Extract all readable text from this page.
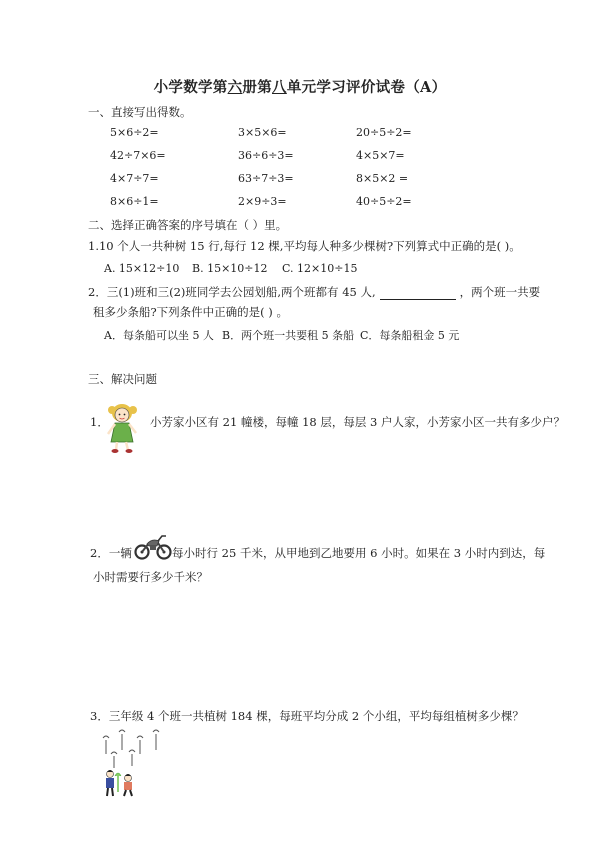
小学数学第六册第八单元学习评价试卷（A）
一、直接写出得数。
5×6÷2=	3×5×6=	20÷5÷2=
42÷7×6=	36÷6÷3=	4×5×7=
4×7÷7=	63÷7÷3=	8×5×2 =
8×6÷1=	2×9÷3=	40÷5÷2=
二、选择正确答案的序号填在（ ）里。
1.10 个人一共种树 15 行,每行 12 棵,平均每人种多少棵树?下列算式中正确的是( )。
A. 15×12÷10 B. 15×10÷12 C. 12×10÷15
2．三(1)班和三(2)班同学去公园划船,两个班都有 45 人,	，两个班一共要
租多少条船?下列条件中正确的是( ) 。
A．每条船可以坐 5 人 B．两个班一共要租 5 条船 C．每条船租金 5 元
三、解决问题
1．	小芳家小区有 21 幢楼，每幢 18 层，每层 3 户人家，小芳家小区一共有多少户？
2．一辆	每小时行 25 千米，从甲地到乙地要用 6 小时。如果在 3 小时内到达，每
小时需要行多少千米？
3．三年级 4 个班一共植树 184 棵，每班平均分成 2 个小组，平均每组植树多少棵？
